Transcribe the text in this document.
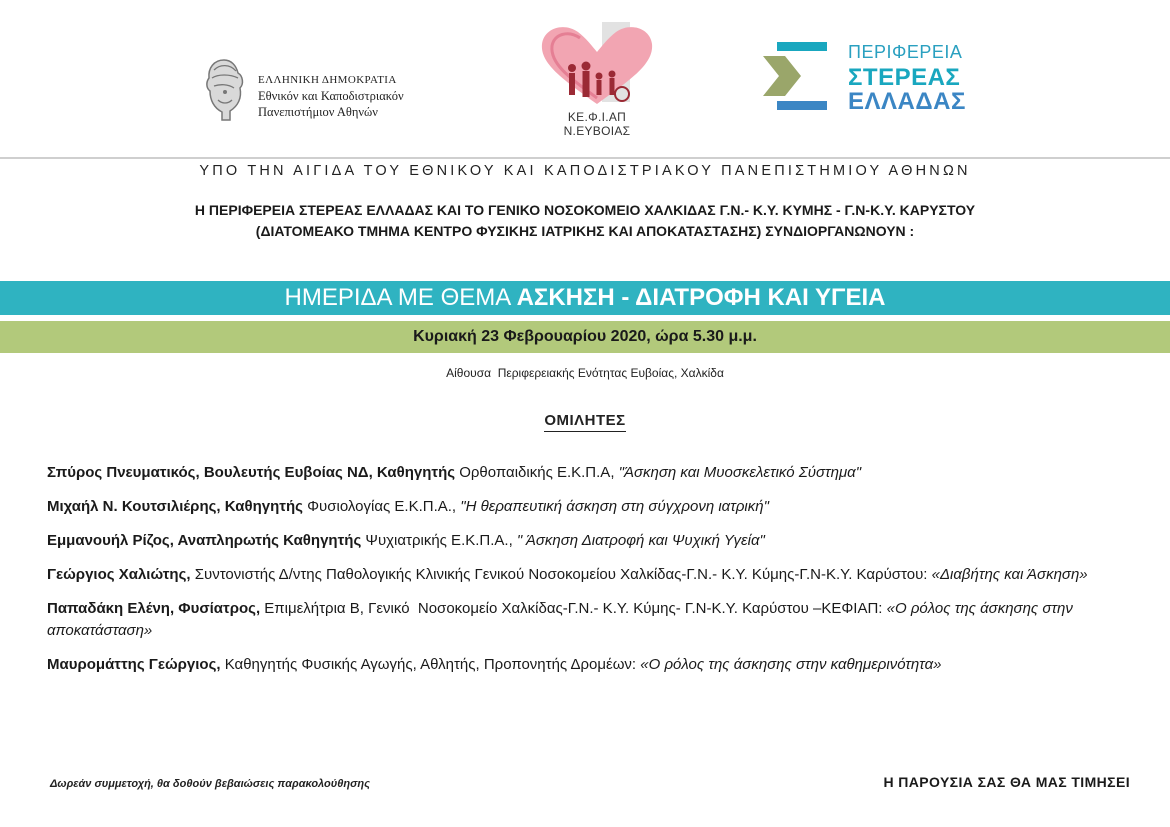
ΕΛΛΗΝΙΚΗ ΔΗΜΟΚΡΑΤΙΑ
Εθνικόν και Καποδιστριακόν
Πανεπιστήμιον Αθηνών	ΚΕ.Φ.Ι.ΑΠ Ν.ΕΥΒΟΙΑΣ
ΠΕΡΙΦΕΡΕΙΑ
ΣΤΕΡΕΑΣ
ΕΛΛΑΔΑΣ
ΥΠΟ ΤΗΝ ΑΙΓΙΔΑ ΤΟΥ ΕΘΝΙΚΟΥ ΚΑΙ ΚΑΠΟΔΙΣΤΡΙΑΚΟΥ ΠΑΝΕΠΙΣΤΗΜΙΟΥ ΑΘΗΝΩΝ
Η ΠΕΡΙΦΕΡΕΙΑ ΣΤΕΡΕΑΣ ΕΛΛΑΔΑΣ ΚΑΙ ΤΟ ΓΕΝΙΚΟ ΝΟΣΟΚΟΜΕΙΟ ΧΑΛΚΙΔΑΣ Γ.Ν.- Κ.Υ. ΚΥΜΗΣ - Γ.Ν-Κ.Υ. ΚΑΡΥΣΤΟΥ
(ΔΙΑΤΟΜΕΑΚΟ ΤΜΗΜΑ ΚΕΝΤΡΟ ΦΥΣΙΚΗΣ ΙΑΤΡΙΚΗΣ ΚΑΙ ΑΠΟΚΑΤΑΣΤΑΣΗΣ) ΣΥΝΔΙΟΡΓΑΝΩΝΟΥΝ :
ΗΜΕΡΙΔΑ ΜΕ ΘΕΜΑ ΑΣΚΗΣΗ - ΔΙΑΤΡΟΦΗ ΚΑΙ ΥΓΕΙΑ
Κυριακή 23 Φεβρουαρίου 2020, ώρα 5.30 μ.μ.
Αίθουσα  Περιφερειακής Ενότητας Ευβοίας, Χαλκίδα
ΟΜΙΛΗΤΕΣ
Σπύρος Πνευματικός, Βουλευτής Ευβοίας ΝΔ, Καθηγητής Ορθοπαιδικής Ε.Κ.Π.Α, "Άσκηση και Μυοσκελετικό Σύστημα"
Μιχαήλ Ν. Κουτσιλιέρης, Καθηγητής Φυσιολογίας Ε.Κ.Π.Α., "Η θεραπευτική άσκηση στη σύγχρονη ιατρική"
Εμμανουήλ Ρίζος, Αναπληρωτής Καθηγητής Ψυχιατρικής Ε.Κ.Π.Α., " Άσκηση Διατροφή και Ψυχική Υγεία"
Γεώργιος Χαλιώτης, Συντονιστής Δ/ντης Παθολογικής Κλινικής Γενικού Νοσοκομείου Χαλκίδας-Γ.Ν.- Κ.Υ. Κύμης-Γ.Ν-Κ.Υ. Καρύστου: «Διαβήτης και Άσκηση»
Παπαδάκη Ελένη, Φυσίατρος, Επιμελήτρια Β, Γενικό  Νοσοκομείο Χαλκίδας-Γ.Ν.- Κ.Υ. Κύμης- Γ.Ν-Κ.Υ. Καρύστου –ΚΕΦΙΑΠ: «Ο ρόλος της άσκησης στην αποκατάσταση»
Μαυρομάττης Γεώργιος, Καθηγητής Φυσικής Αγωγής, Αθλητής, Προπονητής Δρομέων: «Ο ρόλος της άσκησης στην καθημερινότητα»
Δωρεάν συμμετοχή, θα δοθούν βεβαιώσεις παρακολούθησης	Η ΠΑΡΟΥΣΙΑ ΣΑΣ ΘΑ ΜΑΣ ΤΙΜΗΣΕΙ
